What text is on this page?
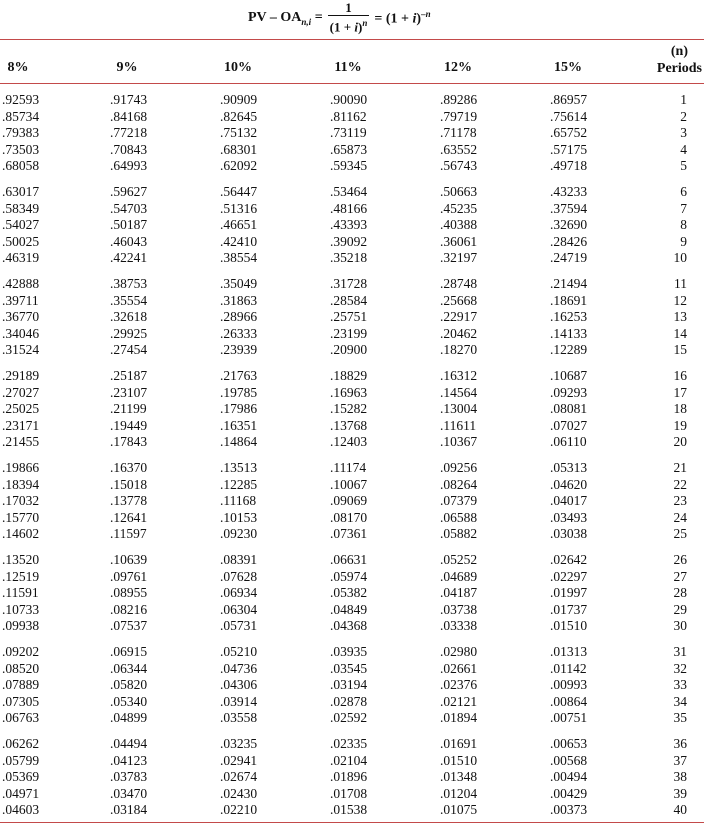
PV – $OA_{n,i} = \frac{1}{(1 + i)^n} = (1 + i)^{-n}$
8%	9%	10%	11%	12%	15%
(n)
Periods
.92593	.91743	.90909	.90090	.89286	.86957	1
.85734	.84168	.82645	.81162	.79719	.75614	2
.79383	.77218	.75132	.73119	.71178	.65752	3
.73503	.70843	.68301	.65873	.63552	.57175	4
.68058	.64993	.62092	.59345	.56743	.49718	5
.63017	.59627	.56447	.53464	.50663	.43233	6
.58349	.54703	.51316	.48166	.45235	.37594	7
.54027	.50187	.46651	.43393	.40388	.32690	8
.50025	.46043	.42410	.39092	.36061	.28426	9
.46319	.42241	.38554	.35218	.32197	.24719	10
.42888	.38753	.35049	.31728	.28748	.21494	11
.39711	.35554	.31863	.28584	.25668	.18691	12
.36770	.32618	.28966	.25751	.22917	.16253	13
.34046	.29925	.26333	.23199	.20462	.14133	14
.31524	.27454	.23939	.20900	.18270	.12289	15
.29189	.25187	.21763	.18829	.16312	.10687	16
.27027	.23107	.19785	.16963	.14564	.09293	17
.25025	.21199	.17986	.15282	.13004	.08081	18
.23171	.19449	.16351	.13768	.11611	.07027	19
.21455	.17843	.14864	.12403	.10367	.06110	20
.19866	.16370	.13513	.11174	.09256	.05313	21
.18394	.15018	.12285	.10067	.08264	.04620	22
.17032	.13778	.11168	.09069	.07379	.04017	23
.15770	.12641	.10153	.08170	.06588	.03493	24
.14602	.11597	.09230	.07361	.05882	.03038	25
.13520	.10639	.08391	.06631	.05252	.02642	26
.12519	.09761	.07628	.05974	.04689	.02297	27
.11591	.08955	.06934	.05382	.04187	.01997	28
.10733	.08216	.06304	.04849	.03738	.01737	29
.09938	.07537	.05731	.04368	.03338	.01510	30
.09202	.06915	.05210	.03935	.02980	.01313	31
.08520	.06344	.04736	.03545	.02661	.01142	32
.07889	.05820	.04306	.03194	.02376	.00993	33
.07305	.05340	.03914	.02878	.02121	.00864	34
.06763	.04899	.03558	.02592	.01894	.00751	35
.06262	.04494	.03235	.02335	.01691	.00653	36
.05799	.04123	.02941	.02104	.01510	.00568	37
.05369	.03783	.02674	.01896	.01348	.00494	38
.04971	.03470	.02430	.01708	.01204	.00429	39
.04603	.03184	.02210	.01538	.01075	.00373	40
